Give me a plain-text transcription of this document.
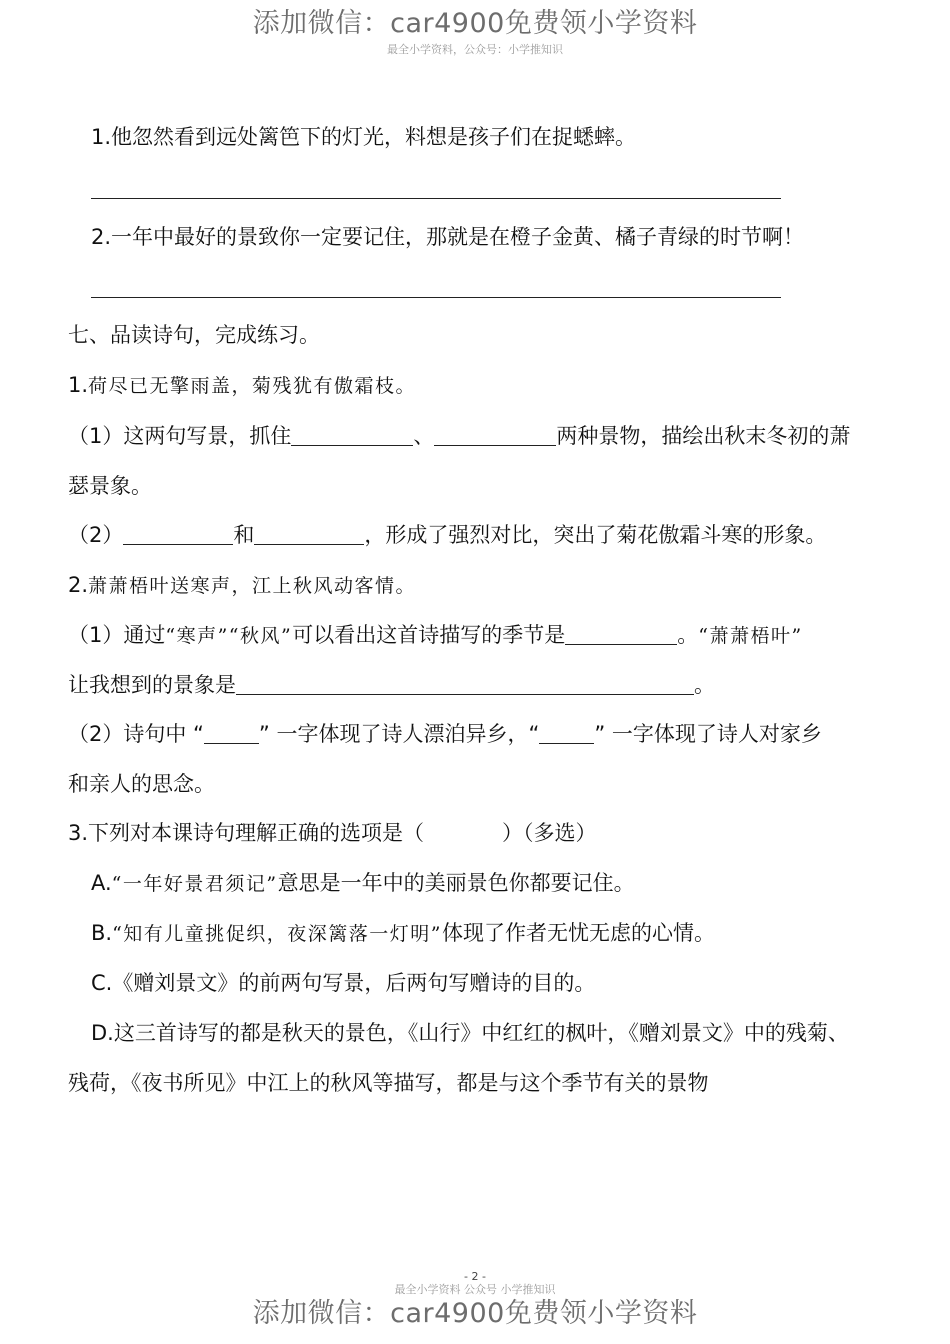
添加微信：car4900免费领小学资料
最全小学资料，公众号：小学推知识
1.他忽然看到远处篱笆下的灯光，料想是孩子们在捉蟋蟀。
2.一年中最好的景致你一定要记住，那就是在橙子金黄、橘子青绿的时节啊！
七、品读诗句，完成练习。
1.荷尽已无擎雨盖，菊残犹有傲霜枝。
（1）这两句写景，抓住	、	两种景物，描绘出秋末冬初的萧
瑟景象。
（2）	和	，形成了强烈对比，突出了菊花傲霜斗寒的形象。
2.萧萧梧叶送寒声，江上秋风动客情。
（1）通过“寒声”“秋风”可以看出这首诗描写的季节是	。“萧萧梧叶”
让我想到的景象是	。
（2）诗句中 “	” 一字体现了诗人漂泊异乡，“	” 一字体现了诗人对家乡
和亲人的思念。
3.下列对本课诗句理解正确的选项是（	）（多选）
A.“一年好景君须记”意思是一年中的美丽景色你都要记住。
B.“知有儿童挑促织，夜深篱落一灯明”体现了作者无忧无虑的心情。
C.《赠刘景文》的前两句写景，后两句写赠诗的目的。
D.这三首诗写的都是秋天的景色，《山行》中红红的枫叶，《赠刘景文》中的残菊、
残荷，《夜书所见》中江上的秋风等描写，都是与这个季节有关的景物
- 2 -
最全小学资料 公众号 小学推知识
添加微信：car4900免费领小学资料
